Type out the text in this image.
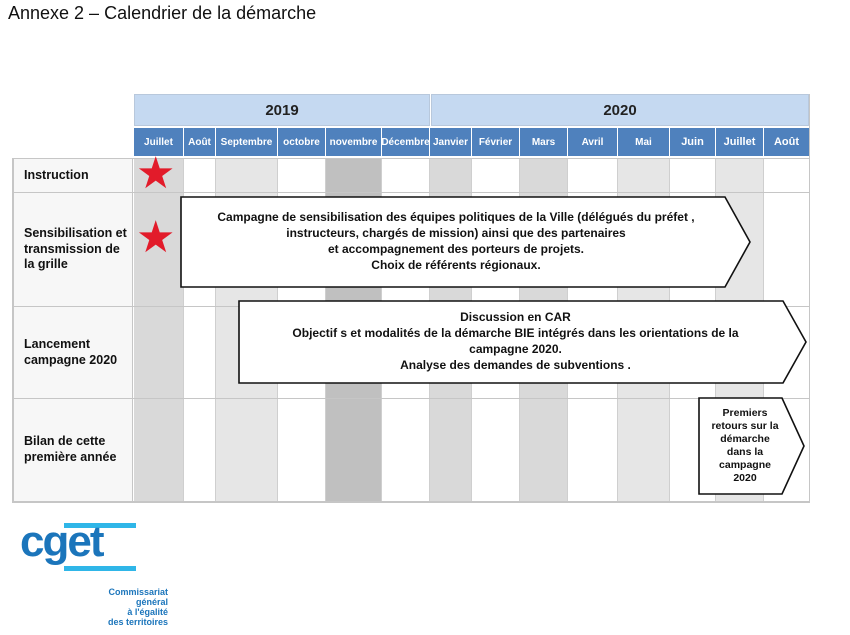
Annexe 2 – Calendrier de la démarche
2019	2020
Juillet	Août Septembre	octobre novembre Décembre Janvier	Février	Mars	Avril	Mai	Juin	Juillet	Août
Instruction
Sensibilisation et transmission de la grille
Lancement campagne 2020
Bilan de cette première année
★
★	Campagne de sensibilisation des équipes politiques de la Ville (délégués du préfet ,
instructeurs, chargés de mission) ainsi que des partenaires
et accompagnement des porteurs de projets.
Choix de référents régionaux.
Discussion en CAR
Objectif s et modalités de la démarche BIE intégrés dans les orientations de la
campagne 2020.
Analyse des demandes de subventions .
Premiers
retours sur la
démarche
dans la
campagne
2020
cget
Commissariat
général
à l'égalité
des territoires
